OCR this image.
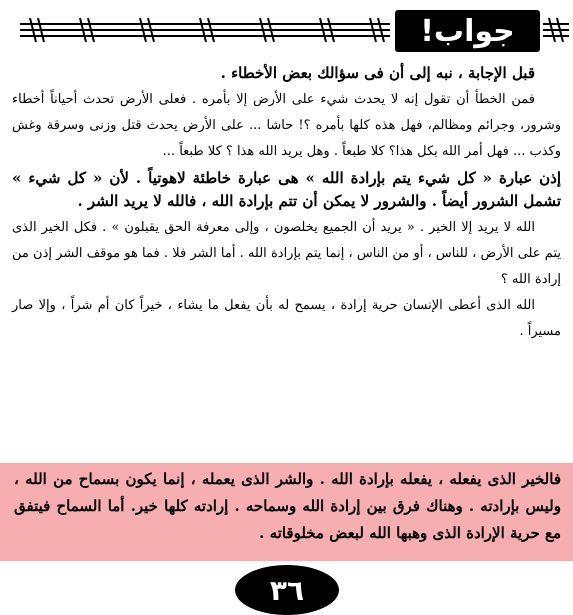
جواب!

قبل الإجابة ، نبه إلى أن فى سؤالك بعض الأخطاء .

فمن الخطأ أن تقول إنه لا يحدث شيء على الأرض إلا بأمره . فعلى الأرض تحدث أحياناً أخطاء وشرور، وجرائم ومظالم، فهل هذه كلها بأمره ؟! حاشا ... على الأرض يحدث قتل وزنى وسرقة وغش وكذب ... فهل أمر الله بكل هذا؟ كلا طبعاً . وهل يريد الله هذا ؟ كلا طبعاً ...

إذن عبارة « كل شيء يتم بإرادة الله » هى عبارة خاطئة لاهوتياً . لأن « كل شيء » تشمل الشرور أيضاً . والشرور لا يمكن أن تتم بإرادة الله ، فالله لا يريد الشر .

الله لا يريد إلا الخير . « يريد أن الجميع يخلصون ، وإلى معرفة الحق يقبلون » . فكل الخير الذى يتم على الأرض ، للناس ، أو من الناس ، إنما يتم بإرادة الله . أما الشر فلا . فما هو موقف الشر إذن من إرادة الله ؟

الله الذى أعطى الإنسان حرية إرادة ، يسمح له بأن يفعل ما يشاء ، خيراً كان أم شراً ، وإلا صار مسيراً .

فالخير الذى يفعله ، يفعله بإرادة الله . والشر الذى يعمله ، إنما يكون بسماح من الله ، وليس بإرادته . وهناك فرق بين إرادة الله وسماحه . إرادته كلها خير. أما السماح فيتفق مع حرية الإرادة الذى وهبها الله لبعض مخلوقاته .

٣٦
